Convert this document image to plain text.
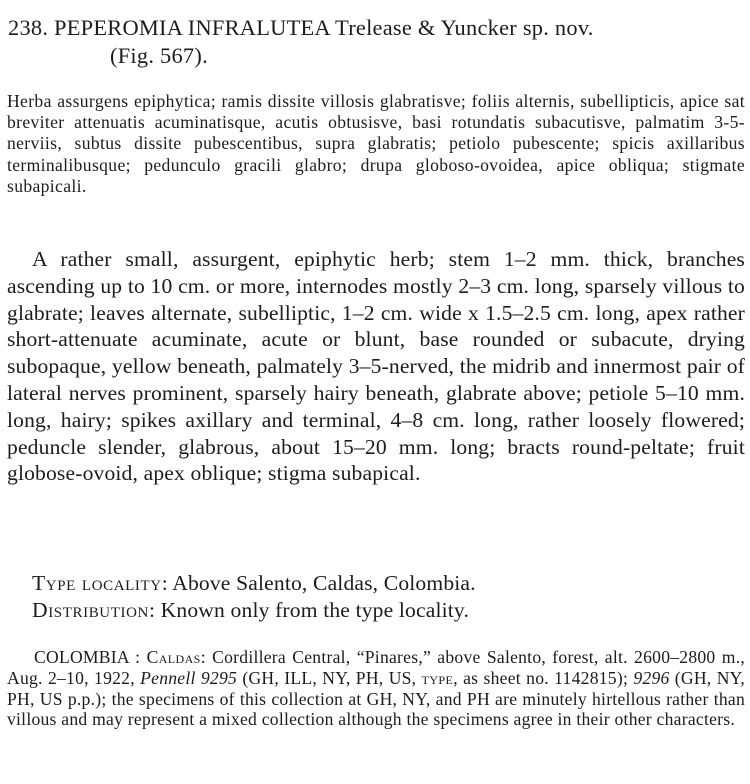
238. PEPEROMIA INFRALUTEA Trelease & Yuncker sp. nov.
(Fig. 567).

Herba assurgens epiphytica; ramis dissite villosis glabratisve; foliis alternis, subellipticis, apice sat breviter attenuatis acuminatisque, acutis obtusisve, basi rotundatis subacutisve, palmatim 3-5-nerviis, subtus dissite pubescentibus, supra glabratis; petiolo pubescente; spicis axillaribus terminalibusque; pedunculo gracili glabro; drupa globoso-ovoidea, apice obliqua; stigmate subapicali.

A rather small, assurgent, epiphytic herb; stem 1–2 mm. thick, branches ascending up to 10 cm. or more, internodes mostly 2–3 cm. long, sparsely villous to glabrate; leaves alternate, subelliptic, 1–2 cm. wide x 1.5–2.5 cm. long, apex rather short-attenuate acuminate, acute or blunt, base rounded or subacute, drying subopaque, yellow beneath, palmately 3–5-nerved, the midrib and innermost pair of lateral nerves prominent, sparsely hairy beneath, glabrate above; petiole 5–10 mm. long, hairy; spikes axillary and terminal, 4–8 cm. long, rather loosely flowered; peduncle slender, glabrous, about 15–20 mm. long; bracts round-peltate; fruit globose-ovoid, apex oblique; stigma subapical.

Type locality: Above Salento, Caldas, Colombia.
Distribution: Known only from the type locality.

COLOMBIA : Caldas: Cordillera Central, “Pinares,” above Salento, forest, alt. 2600–2800 m., Aug. 2–10, 1922, Pennell 9295 (GH, ILL, NY, PH, US, type, as sheet no. 1142815); 9296 (GH, NY, PH, US p.p.); the specimens of this collection at GH, NY, and PH are minutely hirtellous rather than villous and may represent a mixed collection although the specimens agree in their other characters.
